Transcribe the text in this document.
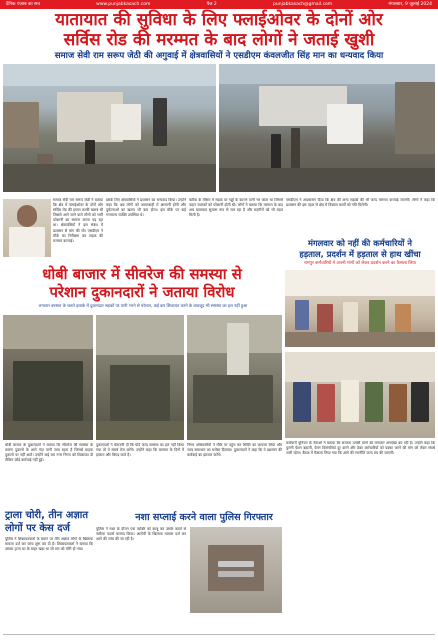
दैनिक पंजाब का सच	www.punjabkasach.com	पेज 2	punjabkasach@gmail.com	मंगलवार, 9 जुलाई 2024
यातायात की सुविधा के लिए फ्लाईओवर के दोनों ओर
सर्विस रोड की मरम्मत के बाद लोगों ने जताई खुशी
समाज सेवी राम सरूप जेठी की अगुवाई में क्षेत्रवासियों ने एसडीएम कंवलजीत सिंह मान का धन्यवाद किया
समाज सेवी राम सरूप जेठी ने बताया कि क्षेत्र में फ्लाईओवर के दोनों ओर सर्विस रोड की हालत काफी खराब थी जिससे आने जाने वाले लोगों को भारी परेशानी का सामना करना पड़ रहा था। क्षेत्रवासियों ने इस संबंध में प्रशासन से मांग की थी। एसडीएम ने मौके का निरीक्षण कर सड़क की मरम्मत करवाई।
इसके लिए क्षेत्रवासियों ने प्रशासन का धन्यवाद किया। उन्होंने कहा कि अब लोगों को आवाजाही में आसानी होगी और दुर्घटनाओं का खतरा भी कम होगा। इस मौके पर कई गणमान्य व्यक्ति उपस्थित थे।
बारिश के मौसम में सड़क पर गड्ढों के कारण पानी भर जाता था जिससे वाहन चालकों को परेशानी होती थी। लोगों ने बताया कि मरम्मत के बाद अब यातायात सुचारू रूप से चल रहा है और राहगीरों को भी राहत मिली है।
एसडीएम ने आश्वासन दिया कि क्षेत्र की अन्य सड़कों की भी जल्द मरम्मत करवाई जाएगी। लोगों ने कहा कि प्रशासन की इस पहल से क्षेत्र में विकास कार्यों को गति मिलेगी।
मंगलवार को नहीं की कर्मचारियों ने
हड़ताल, प्रदर्शन में हड़ताल से हाथ खींचा
रामपुर कर्मचारियों ने अपनी मांगों को लेकर प्रदर्शन करने का फैसला लिया
धोबी बाजार में सीवरेज की समस्या से
परेशान दुकानदारों ने जताया विरोध
लगातार बरसात के चलते इलाके में दुकानदार सड़कों पर पानी भरने से परेशान, कई बार शिकायत करने के बावजूद भी समस्या का हल नहीं हुआ
धोबी बाजार के दुकानदारों ने बताया कि सीवरेज की समस्या के कारण दुकानों के आगे गंदा पानी जमा रहता है जिससे ग्राहक दुकानों पर नहीं आते। उन्होंने कई बार नगर निगम को शिकायत दी लेकिन कोई कार्रवाई नहीं हुई।
दुकानदारों ने चेतावनी दी कि यदि जल्द समस्या का हल नहीं किया गया तो वे संघर्ष तेज करेंगे। उन्होंने कहा कि बरसात के दिनों में हालात और बिगड़ जाते हैं।
निगम अधिकारियों ने मौके पर पहुंच कर स्थिति का जायजा लिया और जल्द समाधान का भरोसा दिलाया। दुकानदारों ने कहा कि वे प्रशासन की कार्रवाई का इंतजार करेंगे।
कर्मचारी यूनियन के नेताओं ने बताया कि सरकार उनकी मांगों को लगातार अनदेखा कर रही है। उन्होंने कहा कि पुरानी पेंशन बहाली, वेतन विसंगतियां दूर करने और ठेका कर्मचारियों को पक्का करने की मांग को लेकर संघर्ष जारी रहेगा। बैठक में फैसला लिया गया कि आगे की रणनीति जल्द तय की जाएगी।
ट्राला चोरी, तीन अज्ञात
लोगों पर केस दर्ज
पुलिस ने शिकायतकर्ता के बयान पर तीन अज्ञात लोगों के खिलाफ मामला दर्ज कर जांच शुरू कर दी है। शिकायतकर्ता ने बताया कि उसका ट्राला घर के बाहर खड़ा था जो रात को चोरी हो गया।
पुलिस ने गश्त के दौरान एक व्यक्ति को काबू कर उसके कब्जे से नशीला पदार्थ बरामद किया। आरोपी के खिलाफ मामला दर्ज कर आगे की जांच की जा रही है।
नशा सप्लाई करने वाला पुलिस गिरफ्तार
